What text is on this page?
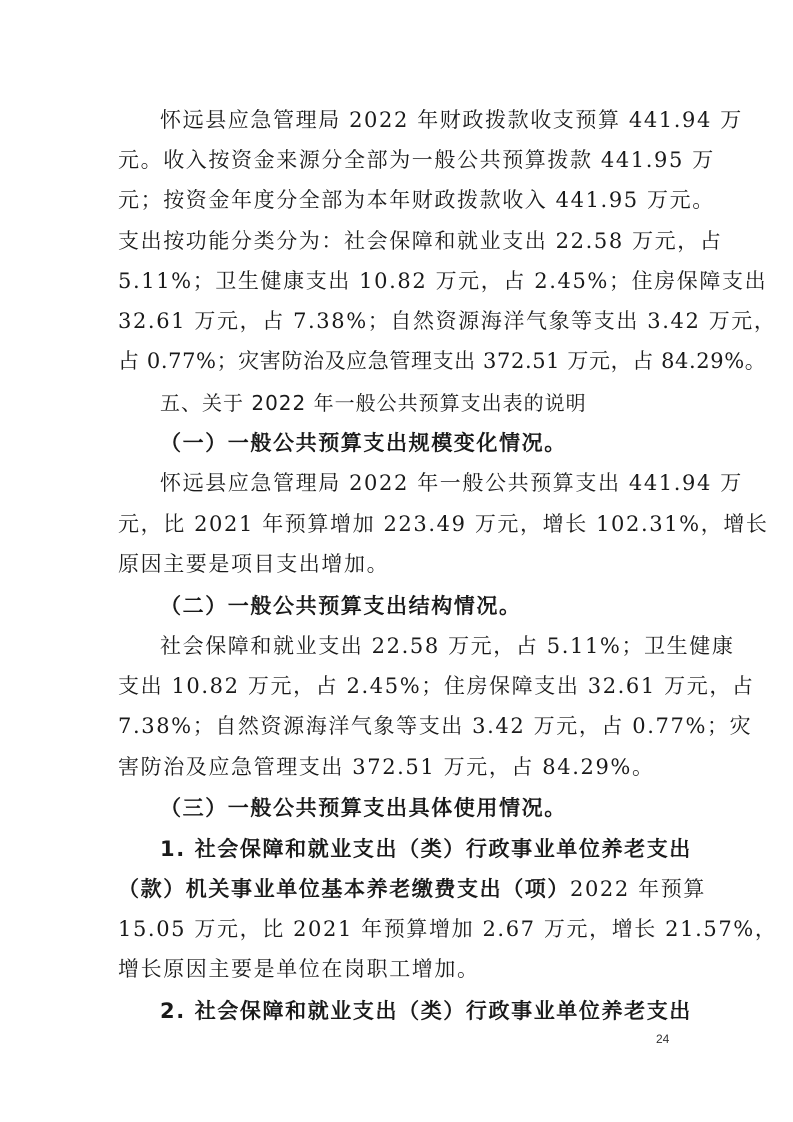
怀远县应急管理局 2022 年财政拨款收支预算 441.94 万
元。收入按资金来源分全部为一般公共预算拨款 441.95 万
元；按资金年度分全部为本年财政拨款收入 441.95 万元。
支出按功能分类分为：社会保障和就业支出 22.58 万元，占
5.11%；卫生健康支出 10.82 万元，占 2.45%；住房保障支出
32.61 万元，占 7.38%；自然资源海洋气象等支出 3.42 万元，
占 0.77%；灾害防治及应急管理支出 372.51 万元，占 84.29%。
五、关于 2022 年一般公共预算支出表的说明
（一）一般公共预算支出规模变化情况。
怀远县应急管理局 2022 年一般公共预算支出 441.94 万
元，比 2021 年预算增加 223.49 万元，增长 102.31%，增长
原因主要是项目支出增加。
（二）一般公共预算支出结构情况。
社会保障和就业支出 22.58 万元，占 5.11%；卫生健康
支出 10.82 万元，占 2.45%；住房保障支出 32.61 万元，占
7.38%；自然资源海洋气象等支出 3.42 万元，占 0.77%；灾
害防治及应急管理支出 372.51 万元，占 84.29%。
（三）一般公共预算支出具体使用情况。
1. 社会保障和就业支出（类）行政事业单位养老支出
（款）机关事业单位基本养老缴费支出（项） 2022 年预算
15.05 万元，比 2021 年预算增加 2.67 万元，增长 21.57%，
增长原因主要是单位在岗职工增加。
2. 社会保障和就业支出（类）行政事业单位养老支出
24
